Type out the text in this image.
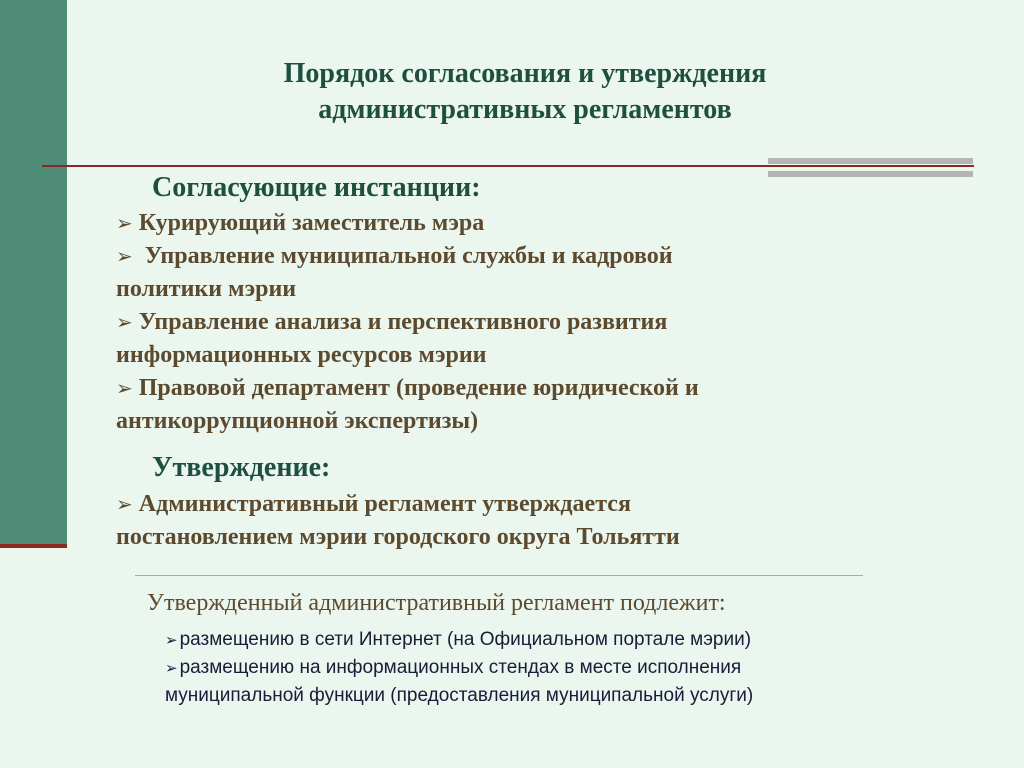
Порядок согласования и утверждения
административных регламентов
Согласующие инстанции:
➢ Курирующий заместитель мэра
➢ Управление муниципальной службы и кадровой
политики мэрии
➢ Управление анализа и перспективного развития
информационных ресурсов мэрии
➢ Правовой департамент (проведение юридической и
антикоррупционной экспертизы)
Утверждение:
➢ Административный регламент утверждается
постановлением мэрии городского округа Тольятти
Утвержденный административный регламент подлежит:
➢ размещению в сети Интернет (на Официальном портале мэрии)
➢ размещению на информационных стендах в месте исполнения
муниципальной функции (предоставления муниципальной услуги)
